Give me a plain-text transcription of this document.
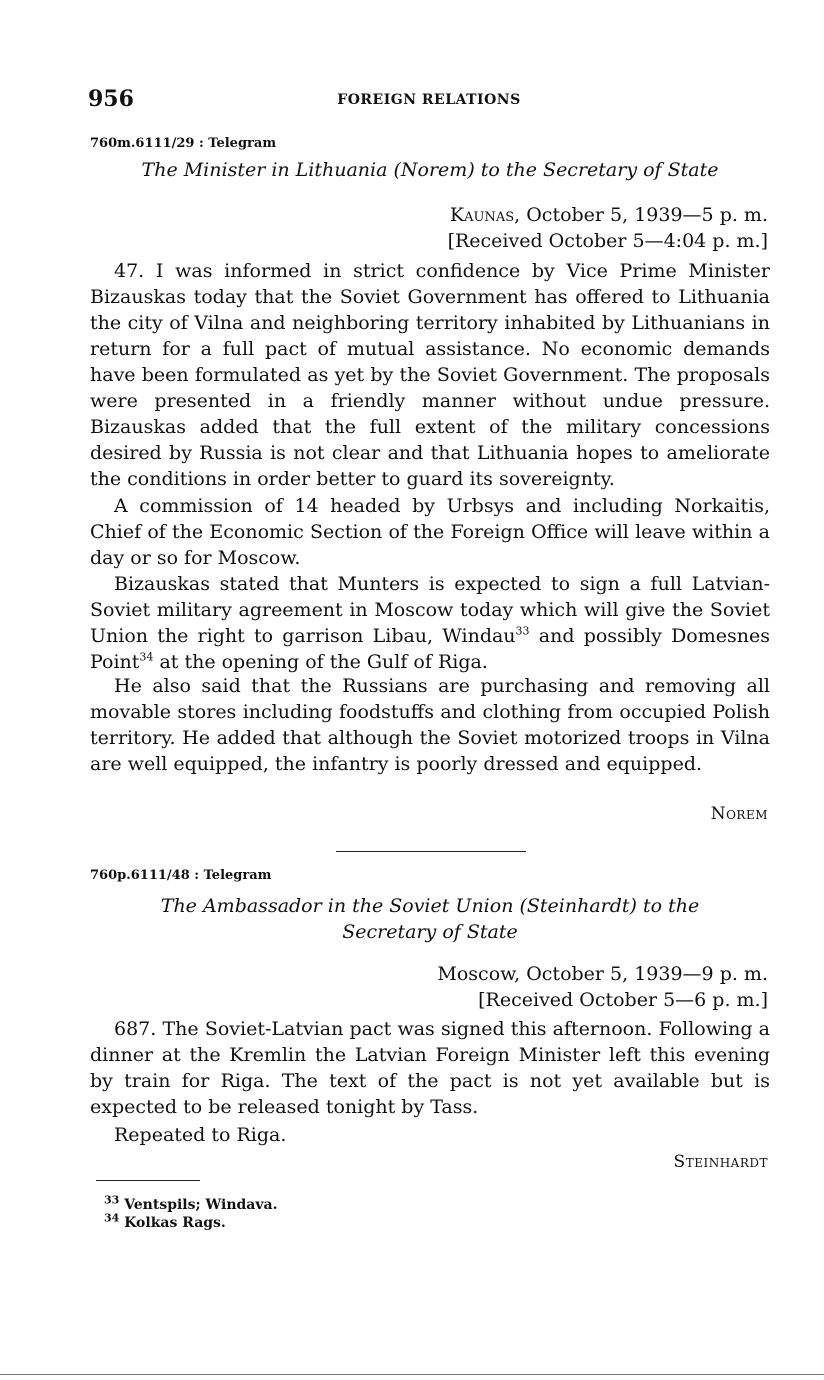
956	FOREIGN RELATIONS
760m.6111/29 : Telegram
The Minister in Lithuania (Norem) to the Secretary of State
Kaunas, October 5, 1939—5 p. m.
[Received October 5—4:04 p. m.]

47. I was informed in strict confidence by Vice Prime Minister Bizauskas today that the Soviet Government has offered to Lithuania the city of Vilna and neighboring territory inhabited by Lithuanians in return for a full pact of mutual assistance. No economic demands have been formulated as yet by the Soviet Government. The proposals were presented in a friendly manner without undue pressure. Bizauskas added that the full extent of the military concessions desired by Russia is not clear and that Lithuania hopes to ameliorate the conditions in order better to guard its sovereignty.

A commission of 14 headed by Urbsys and including Norkaitis, Chief of the Economic Section of the Foreign Office will leave within a day or so for Moscow.

Bizauskas stated that Munters is expected to sign a full Latvian-Soviet military agreement in Moscow today which will give the Soviet Union the right to garrison Libau, Windau$^{33}$ and possibly Domesnes Point$^{34}$ at the opening of the Gulf of Riga.

He also said that the Russians are purchasing and removing all movable stores including foodstuffs and clothing from occupied Polish territory. He added that although the Soviet motorized troops in Vilna are well equipped, the infantry is poorly dressed and equipped.

Norem
760p.6111/48 : Telegram
The Ambassador in the Soviet Union (Steinhardt) to the
Secretary of State
Moscow, October 5, 1939—9 p. m.
[Received October 5—6 p. m.]

687. The Soviet-Latvian pact was signed this afternoon. Following a dinner at the Kremlin the Latvian Foreign Minister left this evening by train for Riga. The text of the pact is not yet available but is expected to be released tonight by Tass.

Repeated to Riga.

Steinhardt
$^{33}$ Ventspils; Windava.
$^{34}$ Kolkas Rags.
